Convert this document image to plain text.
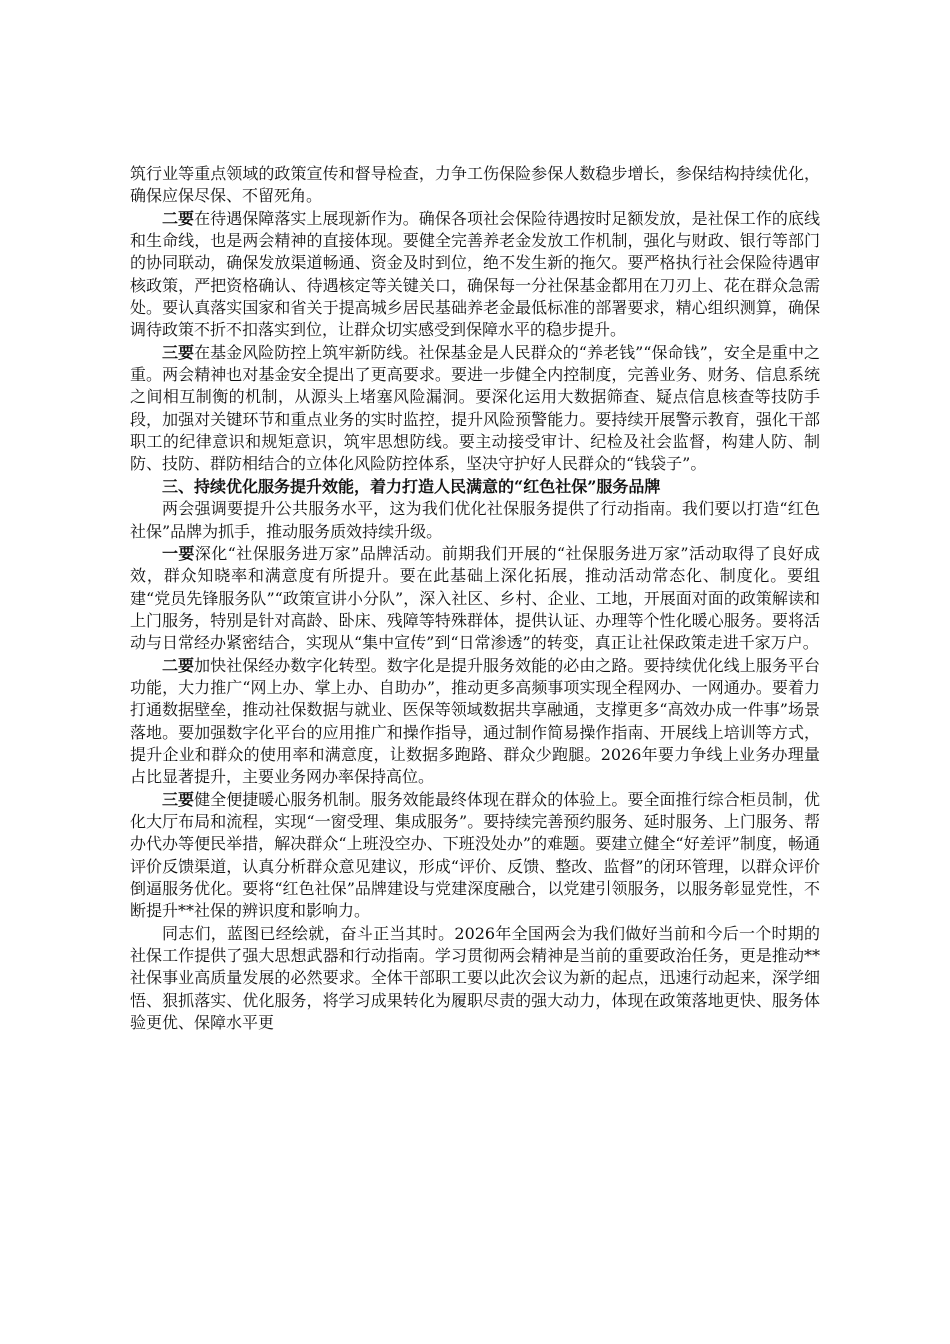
筑行业等重点领域的政策宣传和督导检查，力争工伤保险参保人数稳步增长，参保结构持续优化，确保应保尽保、不留死角。

二要在待遇保障落实上展现新作为。确保各项社会保险待遇按时足额发放，是社保工作的底线和生命线，也是两会精神的直接体现。要健全完善养老金发放工作机制，强化与财政、银行等部门的协同联动，确保发放渠道畅通、资金及时到位，绝不发生新的拖欠。要严格执行社会保险待遇审核政策，严把资格确认、待遇核定等关键关口，确保每一分社保基金都用在刀刃上、花在群众急需处。要认真落实国家和省关于提高城乡居民基础养老金最低标准的部署要求，精心组织测算，确保调待政策不折不扣落实到位，让群众切实感受到保障水平的稳步提升。

三要在基金风险防控上筑牢新防线。社保基金是人民群众的“养老钱”“保命钱”，安全是重中之重。两会精神也对基金安全提出了更高要求。要进一步健全内控制度，完善业务、财务、信息系统之间相互制衡的机制，从源头上堵塞风险漏洞。要深化运用大数据筛查、疑点信息核查等技防手段，加强对关键环节和重点业务的实时监控，提升风险预警能力。要持续开展警示教育，强化干部职工的纪律意识和规矩意识，筑牢思想防线。要主动接受审计、纪检及社会监督，构建人防、制防、技防、群防相结合的立体化风险防控体系，坚决守护好人民群众的“钱袋子”。

三、持续优化服务提升效能，着力打造人民满意的“红色社保”服务品牌

两会强调要提升公共服务水平，这为我们优化社保服务提供了行动指南。我们要以打造“红色社保”品牌为抓手，推动服务质效持续升级。

一要深化“社保服务进万家”品牌活动。前期我们开展的“社保服务进万家”活动取得了良好成效，群众知晓率和满意度有所提升。要在此基础上深化拓展，推动活动常态化、制度化。要组建“党员先锋服务队”“政策宣讲小分队”，深入社区、乡村、企业、工地，开展面对面的政策解读和上门服务，特别是针对高龄、卧床、残障等特殊群体，提供认证、办理等个性化暖心服务。要将活动与日常经办紧密结合，实现从“集中宣传”到“日常渗透”的转变，真正让社保政策走进千家万户。

二要加快社保经办数字化转型。数字化是提升服务效能的必由之路。要持续优化线上服务平台功能，大力推广“网上办、掌上办、自助办”，推动更多高频事项实现全程网办、一网通办。要着力打通数据壁垒，推动社保数据与就业、医保等领域数据共享融通，支撑更多“高效办成一件事”场景落地。要加强数字化平台的应用推广和操作指导，通过制作简易操作指南、开展线上培训等方式，提升企业和群众的使用率和满意度，让数据多跑路、群众少跑腿。2026年要力争线上业务办理量占比显著提升，主要业务网办率保持高位。

三要健全便捷暖心服务机制。服务效能最终体现在群众的体验上。要全面推行综合柜员制，优化大厅布局和流程，实现“一窗受理、集成服务”。要持续完善预约服务、延时服务、上门服务、帮办代办等便民举措，解决群众“上班没空办、下班没处办”的难题。要建立健全“好差评”制度，畅通评价反馈渠道，认真分析群众意见建议，形成“评价、反馈、整改、监督”的闭环管理，以群众评价倒逼服务优化。要将“红色社保”品牌建设与党建深度融合，以党建引领服务，以服务彰显党性，不断提升**社保的辨识度和影响力。

同志们，蓝图已经绘就，奋斗正当其时。2026年全国两会为我们做好当前和今后一个时期的社保工作提供了强大思想武器和行动指南。学习贯彻两会精神是当前的重要政治任务，更是推动**社保事业高质量发展的必然要求。全体干部职工要以此次会议为新的起点，迅速行动起来，深学细悟、狠抓落实、优化服务，将学习成果转化为履职尽责的强大动力，体现在政策落地更快、服务体验更优、保障水平更
